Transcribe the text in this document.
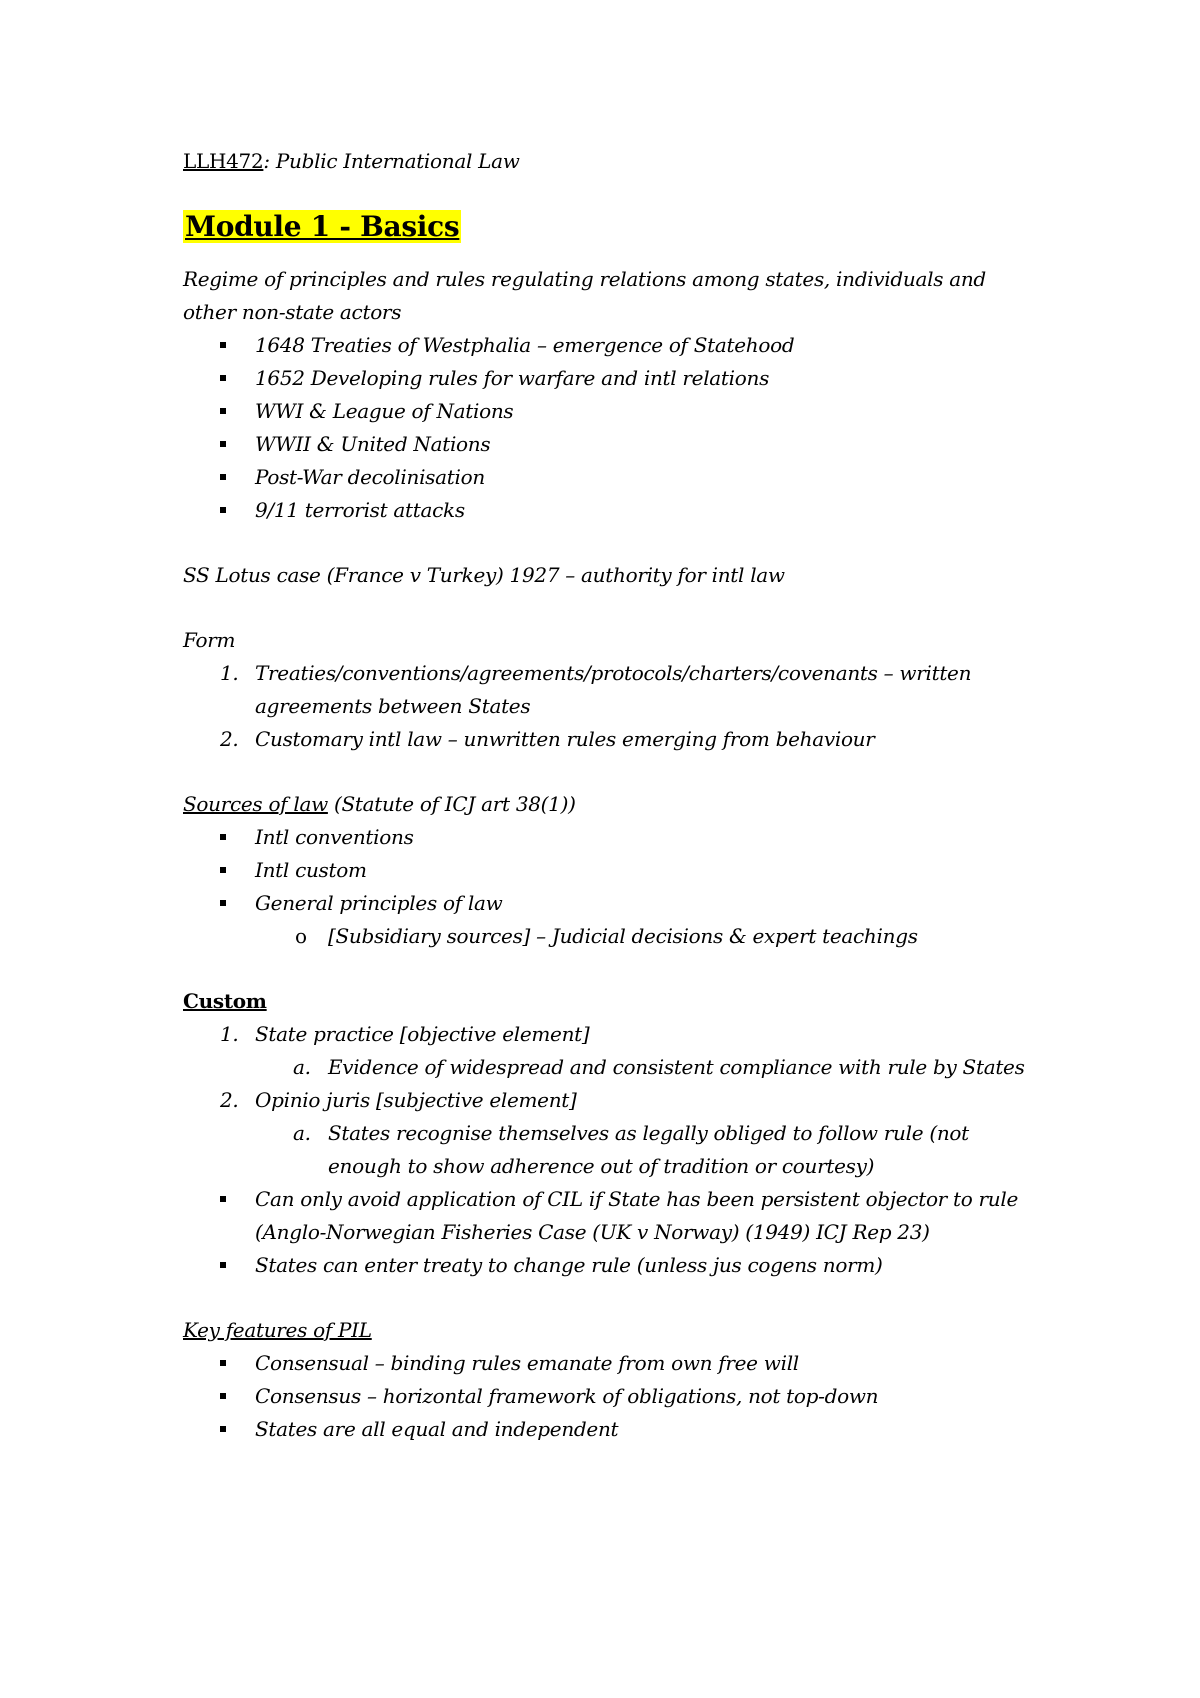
LLH472: Public International Law
Module 1 - Basics
Regime of principles and rules regulating relations among states, individuals and other non-state actors
1648 Treaties of Westphalia – emergence of Statehood
1652 Developing rules for warfare and intl relations
WWI & League of Nations
WWII & United Nations
Post-War decolinisation
9/11 terrorist attacks
SS Lotus case (France v Turkey) 1927 – authority for intl law
Form
1. Treaties/conventions/agreements/protocols/charters/covenants – written agreements between States
2. Customary intl law – unwritten rules emerging from behaviour
Sources of law (Statute of ICJ art 38(1))
Intl conventions
Intl custom
General principles of law
o [Subsidiary sources] – Judicial decisions & expert teachings
Custom
1. State practice [objective element]
a. Evidence of widespread and consistent compliance with rule by States
2. Opinio juris [subjective element]
a. States recognise themselves as legally obliged to follow rule (not enough to show adherence out of tradition or courtesy)
Can only avoid application of CIL if State has been persistent objector to rule (Anglo-Norwegian Fisheries Case (UK v Norway) (1949) ICJ Rep 23)
States can enter treaty to change rule (unless jus cogens norm)
Key features of PIL
Consensual – binding rules emanate from own free will
Consensus – horizontal framework of obligations, not top-down
States are all equal and independent
